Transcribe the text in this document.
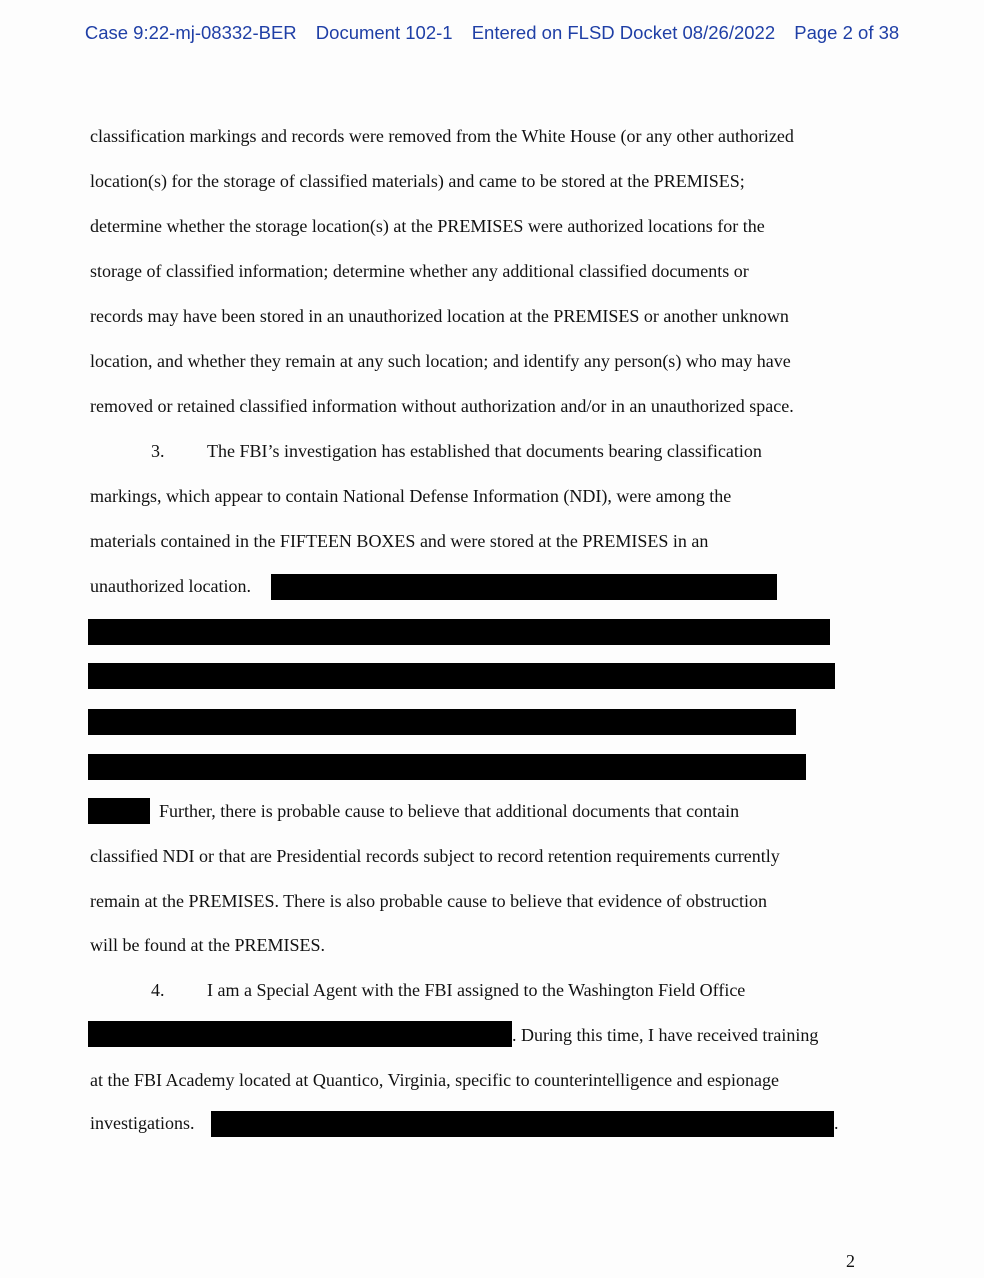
Case 9:22-mj-08332-BER Document 102-1 Entered on FLSD Docket 08/26/2022 Page 2 of 38
classification markings and records were removed from the White House (or any other authorized
location(s) for the storage of classified materials) and came to be stored at the PREMISES;
determine whether the storage location(s) at the PREMISES were authorized locations for the
storage of classified information; determine whether any additional classified documents or
records may have been stored in an unauthorized location at the PREMISES or another unknown
location, and whether they remain at any such location; and identify any person(s) who may have
removed or retained classified information without authorization and/or in an unauthorized space.
3. The FBI’s investigation has established that documents bearing classification
markings, which appear to contain National Defense Information (NDI), were among the
materials contained in the FIFTEEN BOXES and were stored at the PREMISES in an
unauthorized location.
Further, there is probable cause to believe that additional documents that contain
classified NDI or that are Presidential records subject to record retention requirements currently
remain at the PREMISES. There is also probable cause to believe that evidence of obstruction
will be found at the PREMISES.
4. I am a Special Agent with the FBI assigned to the Washington Field Office
. During this time, I have received training
at the FBI Academy located at Quantico, Virginia, specific to counterintelligence and espionage
investigations.	.
2
